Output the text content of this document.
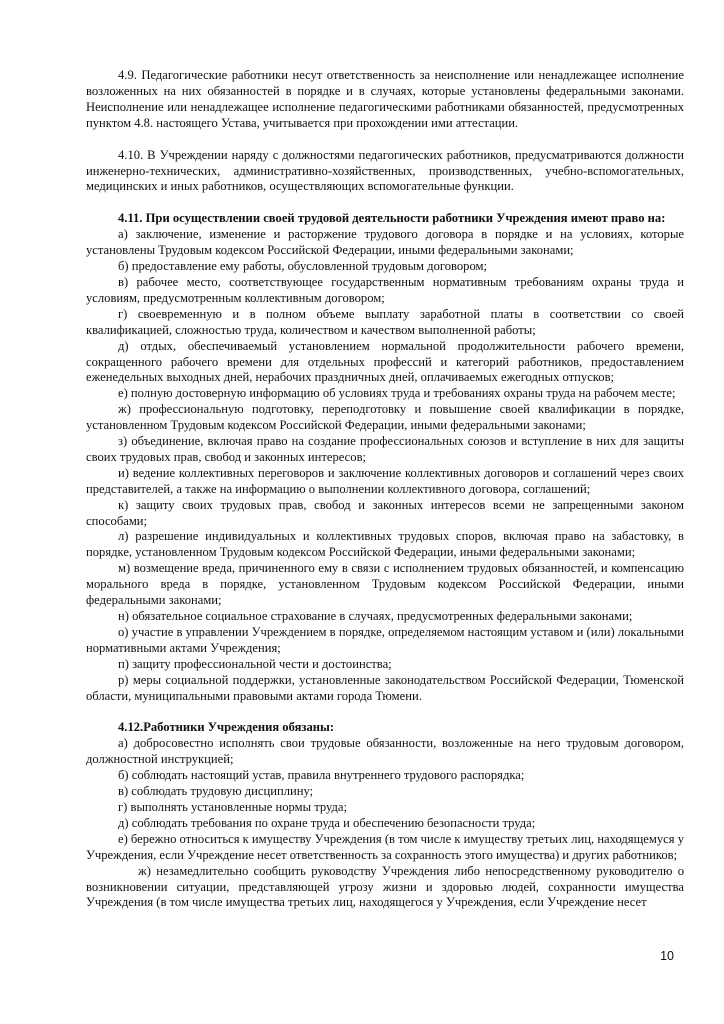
4.9. Педагогические работники несут ответственность за неисполнение или ненадлежащее исполнение возложенных на них обязанностей в порядке и в случаях, которые установлены федеральными законами. Неисполнение или ненадлежащее исполнение педагогическими работниками обязанностей, предусмотренных пунктом 4.8. настоящего Устава, учитывается при прохождении ими аттестации.

4.10. В Учреждении наряду с должностями педагогических работников, предусматриваются должности инженерно-технических, административно-хозяйственных, производственных, учебно-вспомогательных, медицинских и иных работников, осуществляющих вспомогательные функции.

4.11. При осуществлении своей трудовой деятельности работники Учреждения имеют право на:

а) заключение, изменение и расторжение трудового договора в порядке и на условиях, которые установлены Трудовым кодексом Российской Федерации, иными федеральными законами;

б) предоставление ему работы, обусловленной трудовым договором;

в) рабочее место, соответствующее государственным нормативным требованиям охраны труда и условиям, предусмотренным коллективным договором;

г) своевременную и в полном объеме выплату заработной платы в соответствии со своей квалификацией, сложностью труда, количеством и качеством выполненной работы;

д) отдых, обеспечиваемый установлением нормальной продолжительности рабочего времени, сокращенного рабочего времени для отдельных профессий и категорий работников, предоставлением еженедельных выходных дней, нерабочих праздничных дней, оплачиваемых ежегодных отпусков;

е) полную достоверную информацию об условиях труда и требованиях охраны труда на рабочем месте;

ж) профессиональную подготовку, переподготовку и повышение своей квалификации в порядке, установленном Трудовым кодексом Российской Федерации, иными федеральными законами;

з) объединение, включая право на создание профессиональных союзов и вступление в них для защиты своих трудовых прав, свобод и законных интересов;

и) ведение коллективных переговоров и заключение коллективных договоров и соглашений через своих представителей, а также на информацию о выполнении коллективного договора, соглашений;

к) защиту своих трудовых прав, свобод и законных интересов всеми не запрещенными законом способами;

л) разрешение индивидуальных и коллективных трудовых споров, включая право на забастовку, в порядке, установленном Трудовым кодексом Российской Федерации, иными федеральными законами;

м) возмещение вреда, причиненного ему в связи с исполнением трудовых обязанностей, и компенсацию морального вреда в порядке, установленном Трудовым кодексом Российской Федерации, иными федеральными законами;

н) обязательное социальное страхование в случаях, предусмотренных федеральными законами;

о) участие в управлении Учреждением в порядке, определяемом настоящим уставом и (или) локальными нормативными актами Учреждения;

п) защиту профессиональной чести и достоинства;

р) меры социальной поддержки, установленные законодательством Российской Федерации, Тюменской области, муниципальными правовыми актами города Тюмени.

4.12.Работники Учреждения обязаны:

а) добросовестно исполнять свои трудовые обязанности, возложенные на него трудовым договором, должностной инструкцией;

б) соблюдать настоящий устав, правила внутреннего трудового распорядка;

в) соблюдать трудовую дисциплину;

г) выполнять установленные нормы труда;

д) соблюдать требования по охране труда и обеспечению безопасности труда;

е) бережно относиться к имуществу Учреждения (в том числе к имуществу третьих лиц, находящемуся у Учреждения, если Учреждение несет ответственность за сохранность этого имущества) и других работников;

ж) незамедлительно сообщить руководству Учреждения либо непосредственному руководителю о возникновении ситуации, представляющей угрозу жизни и здоровью людей, сохранности имущества Учреждения (в том числе имущества третьих лиц, находящегося у Учреждения, если Учреждение несет

10
